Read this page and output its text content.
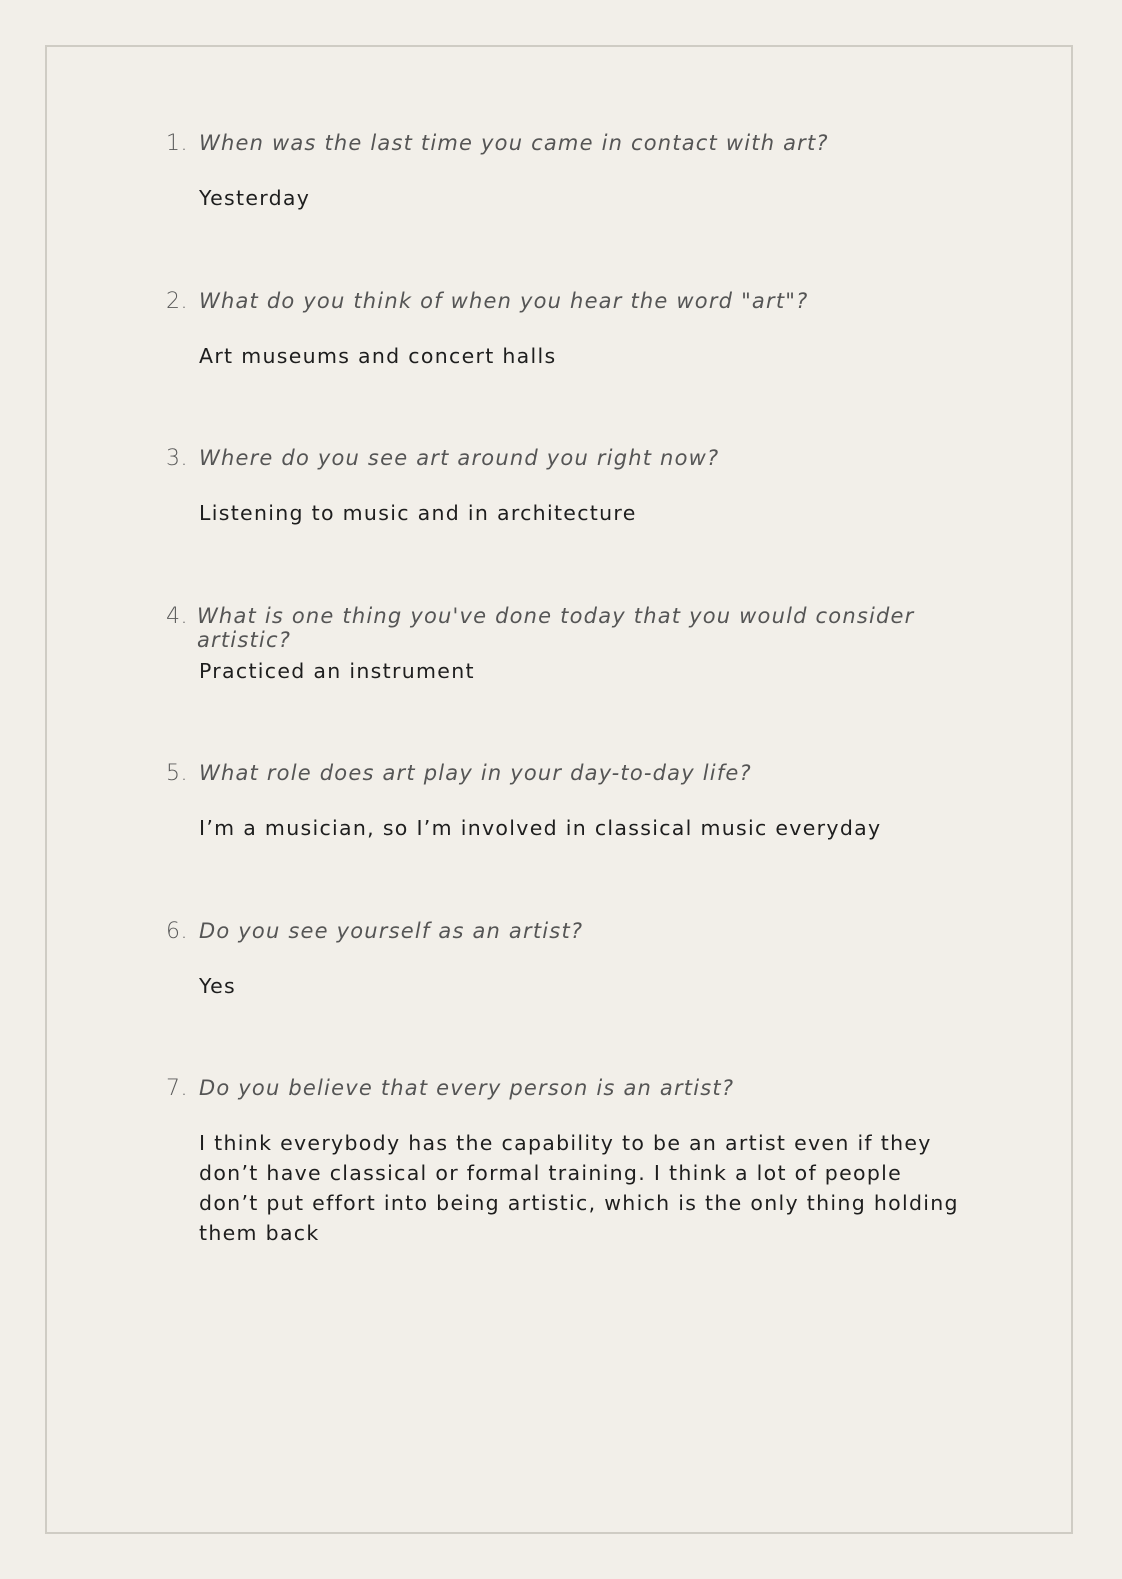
1. When was the last time you came in contact with art?
Yesterday
2. What do you think of when you hear the word "art"?
Art museums and concert halls
3. Where do you see art around you right now?
Listening to music and in architecture
4. What is one thing you've done today that you would consider artistic?
Practiced an instrument
5. What role does art play in your day-to-day life?
I’m a musician, so I’m involved in classical music everyday
6. Do you see yourself as an artist?
Yes
7. Do you believe that every person is an artist?
I think everybody has the capability to be an artist even if they don’t have classical or formal training. I think a lot of people don’t put effort into being artistic, which is the only thing holding them back
